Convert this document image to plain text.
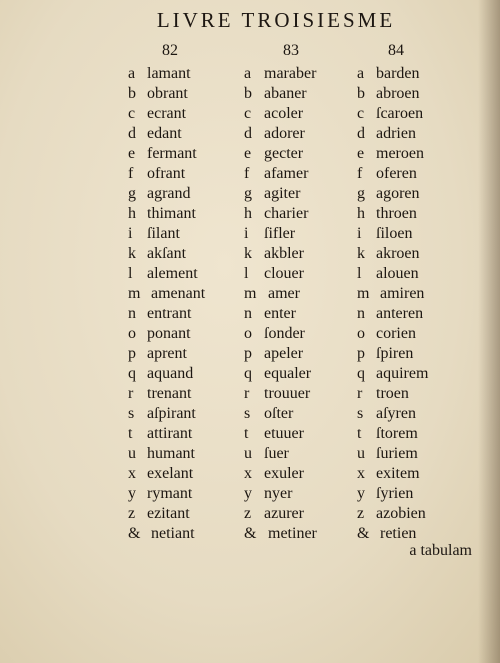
LIVRE TROISIESME
82	83	84
a lamant
b obrant
c ecrant
d edant
e fermant
f ofrant
g agrand
h thimant
i ſilant
k akſant
l alement
m amenant
n entrant
o ponant
p aprent
q aquand
r trenant
s aſpirant
t attirant
u humant
x exelant
y rymant
z ezitant
& netiant
a maraber
b abaner
c acoler
d adorer
e gecter
f afamer
g agiter
h charier
i ſifler
k akbler
l clouer
m amer
n enter
o ſonder
p apeler
q equaler
r trouuer
s oſter
t etuuer
u ſuer
x exuler
y nyer
z azurer
& metiner
a barden
b abroen
c ſcaroen
d adrien
e meroen
f oferen
g agoren
h throen
i ſiloen
k akroen
l alouen
m amiren
n anteren
o corien
p ſpiren
q aquirem
r troen
s aſyren
t ſtorem
u ſuriem
x exitem
y ſyrien
z azobien
& retien
a tabulam
